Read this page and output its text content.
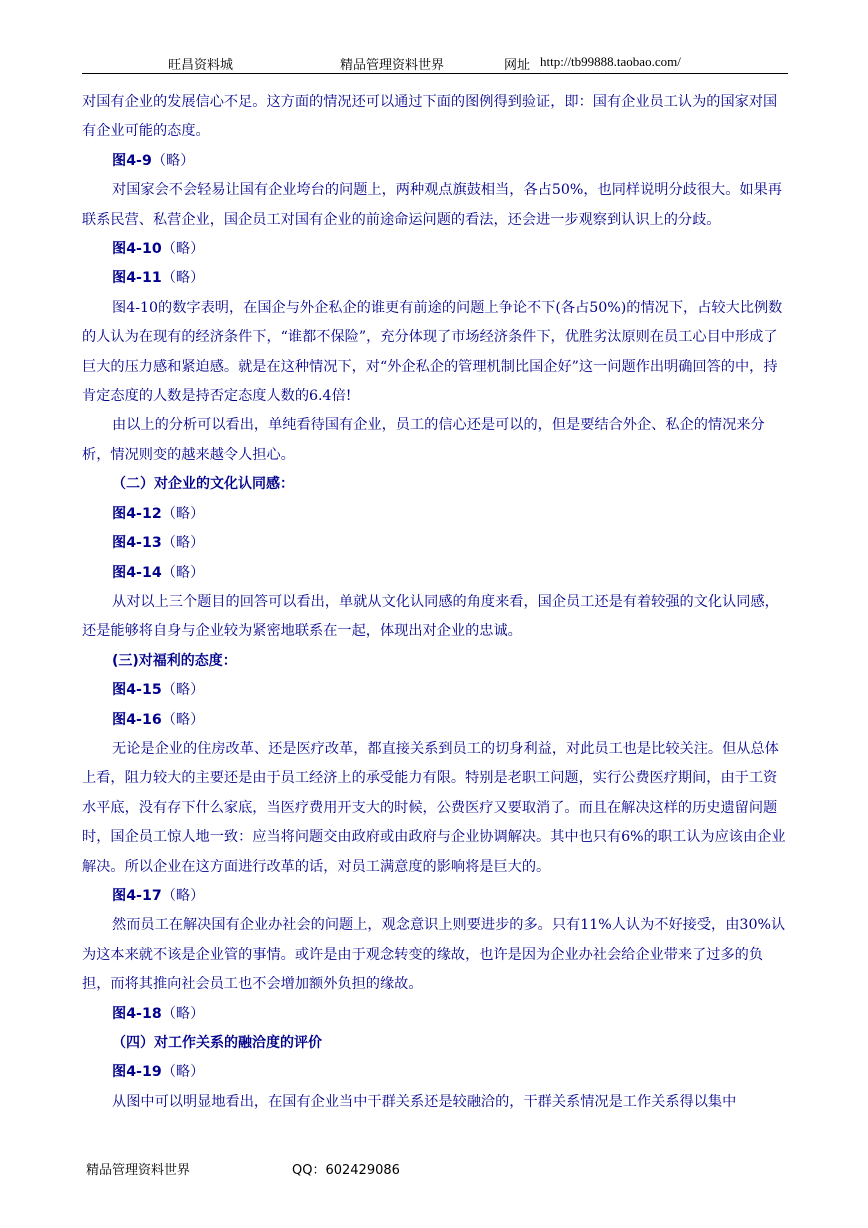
旺昌资料城	精品管理资料世界	网址 http://tb99888.taobao.com/

对国有企业的发展信心不足。这方面的情况还可以通过下面的图例得到验证，即：国有企业员工认为的国家对国有企业可能的态度。

图4-9（略）

对国家会不会轻易让国有企业垮台的问题上，两种观点旗鼓相当，各占50%，也同样说明分歧很大。如果再联系民营、私营企业，国企员工对国有企业的前途命运问题的看法，还会进一步观察到认识上的分歧。

图4-10（略）

图4-11（略）

图4-10的数字表明，在国企与外企私企的谁更有前途的问题上争论不下(各占50%)的情况下，占较大比例数的人认为在现有的经济条件下，“谁都不保险”，充分体现了市场经济条件下，优胜劣汰原则在员工心目中形成了巨大的压力感和紧迫感。就是在这种情况下，对“外企私企的管理机制比国企好”这一问题作出明确回答的中，持肯定态度的人数是持否定态度人数的6.4倍!

由以上的分析可以看出，单纯看待国有企业，员工的信心还是可以的，但是要结合外企、私企的情况来分析，情况则变的越来越令人担心。

（二）对企业的文化认同感：

图4-12（略）

图4-13（略）

图4-14（略）

从对以上三个题目的回答可以看出，单就从文化认同感的角度来看，国企员工还是有着较强的文化认同感，还是能够将自身与企业较为紧密地联系在一起，体现出对企业的忠诚。

(三)对福利的态度：

图4-15（略）

图4-16（略）

无论是企业的住房改革、还是医疗改革，都直接关系到员工的切身利益，对此员工也是比较关注。但从总体上看，阻力较大的主要还是由于员工经济上的承受能力有限。特别是老职工问题，实行公费医疗期间，由于工资水平底，没有存下什么家底，当医疗费用开支大的时候，公费医疗又要取消了。而且在解决这样的历史遗留问题时，国企员工惊人地一致：应当将问题交由政府或由政府与企业协调解决。其中也只有6%的职工认为应该由企业解决。所以企业在这方面进行改革的话，对员工满意度的影响将是巨大的。

图4-17（略）

然而员工在解决国有企业办社会的问题上，观念意识上则要进步的多。只有11%人认为不好接受，由30%认为这本来就不该是企业管的事情。或许是由于观念转变的缘故，也许是因为企业办社会给企业带来了过多的负担，而将其推向社会员工也不会增加额外负担的缘故。

图4-18（略）

（四）对工作关系的融洽度的评价

图4-19（略）

从图中可以明显地看出，在国有企业当中干群关系还是较融洽的，干群关系情况是工作关系得以集中

精品管理资料世界	QQ：602429086
